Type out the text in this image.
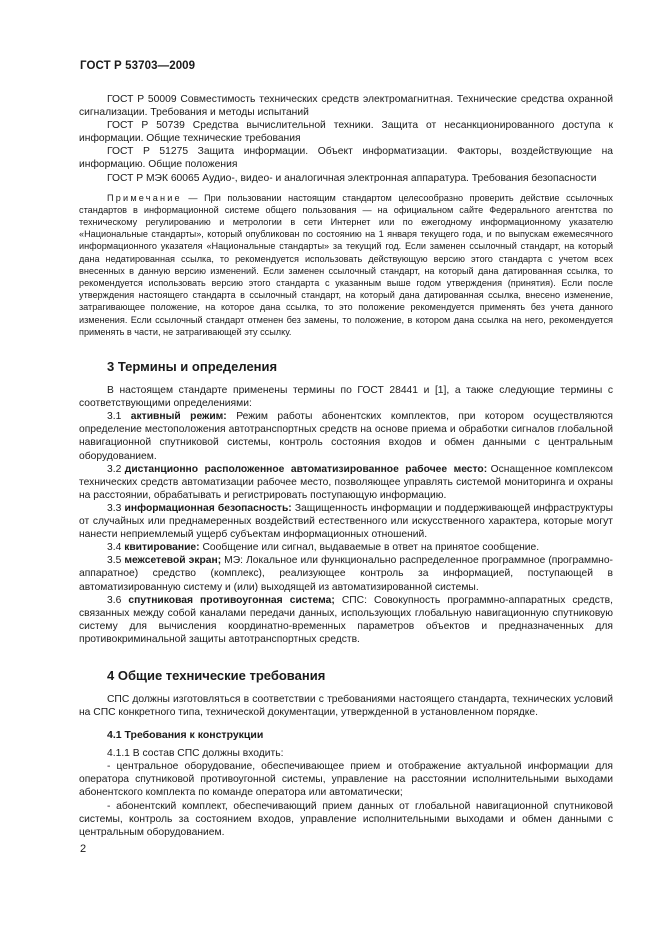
ГОСТ Р 53703—2009

ГОСТ Р 50009 Совместимость технических средств электромагнитная. Технические средства охранной сигнализации. Требования и методы испытаний

ГОСТ Р 50739 Средства вычислительной техники. Защита от несанкционированного доступа к информации. Общие технические требования

ГОСТ Р 51275 Защита информации. Объект информатизации. Факторы, воздействующие на информацию. Общие положения

ГОСТ Р МЭК 60065 Аудио-, видео- и аналогичная электронная аппаратура. Требования безопасности

Примечание — При пользовании настоящим стандартом целесообразно проверить действие ссылочных стандартов в информационной системе общего пользования — на официальном сайте Федерального агентства по техническому регулированию и метрологии в сети Интернет или по ежегодному информационному указателю «Национальные стандарты», который опубликован по состоянию на 1 января текущего года, и по выпускам ежемесячного информационного указателя «Национальные стандарты» за текущий год. Если заменен ссылочный стандарт, на который дана недатированная ссылка, то рекомендуется использовать действующую версию этого стандарта с учетом всех внесенных в данную версию изменений. Если заменен ссылочный стандарт, на который дана датированная ссылка, то рекомендуется использовать версию этого стандарта с указанным выше годом утверждения (принятия). Если после утверждения настоящего стандарта в ссылочный стандарт, на который дана датированная ссылка, внесено изменение, затрагивающее положение, на которое дана ссылка, то это положение рекомендуется применять без учета данного изменения. Если ссылочный стандарт отменен без замены, то положение, в котором дана ссылка на него, рекомендуется применять в части, не затрагивающей эту ссылку.

3 Термины и определения

В настоящем стандарте применены термины по ГОСТ 28441 и [1], а также следующие термины с соответствующими определениями:

3.1 активный режим: Режим работы абонентских комплектов, при котором осуществляются определение местоположения автотранспортных средств на основе приема и обработки сигналов глобальной навигационной спутниковой системы, контроль состояния входов и обмен данными с центральным оборудованием.

3.2 дистанционно расположенное автоматизированное рабочее место: Оснащенное комплексом технических средств автоматизации рабочее место, позволяющее управлять системой мониторинга и охраны на расстоянии, обрабатывать и регистрировать поступающую информацию.

3.3 информационная безопасность: Защищенность информации и поддерживающей инфраструктуры от случайных или преднамеренных воздействий естественного или искусственного характера, которые могут нанести неприемлемый ущерб субъектам информационных отношений.

3.4 квитирование: Сообщение или сигнал, выдаваемые в ответ на принятое сообщение.

3.5 межсетевой экран; МЭ: Локальное или функционально распределенное программное (программно-аппаратное) средство (комплекс), реализующее контроль за информацией, поступающей в автоматизированную систему и (или) выходящей из автоматизированной системы.

3.6 спутниковая противоугонная система; СПС: Совокупность программно-аппаратных средств, связанных между собой каналами передачи данных, использующих глобальную навигационную спутниковую систему для вычисления координатно-временных параметров объектов и предназначенных для противокриминальной защиты автотранспортных средств.

4 Общие технические требования

СПС должны изготовляться в соответствии с требованиями настоящего стандарта, технических условий на СПС конкретного типа, технической документации, утвержденной в установленном порядке.

4.1 Требования к конструкции

4.1.1 В состав СПС должны входить:

- центральное оборудование, обеспечивающее прием и отображение актуальной информации для оператора спутниковой противоугонной системы, управление на расстоянии исполнительными выходами абонентского комплекта по команде оператора или автоматически;

- абонентский комплект, обеспечивающий прием данных от глобальной навигационной спутниковой системы, контроль за состоянием входов, управление исполнительными выходами и обмен данными с центральным оборудованием.

2
